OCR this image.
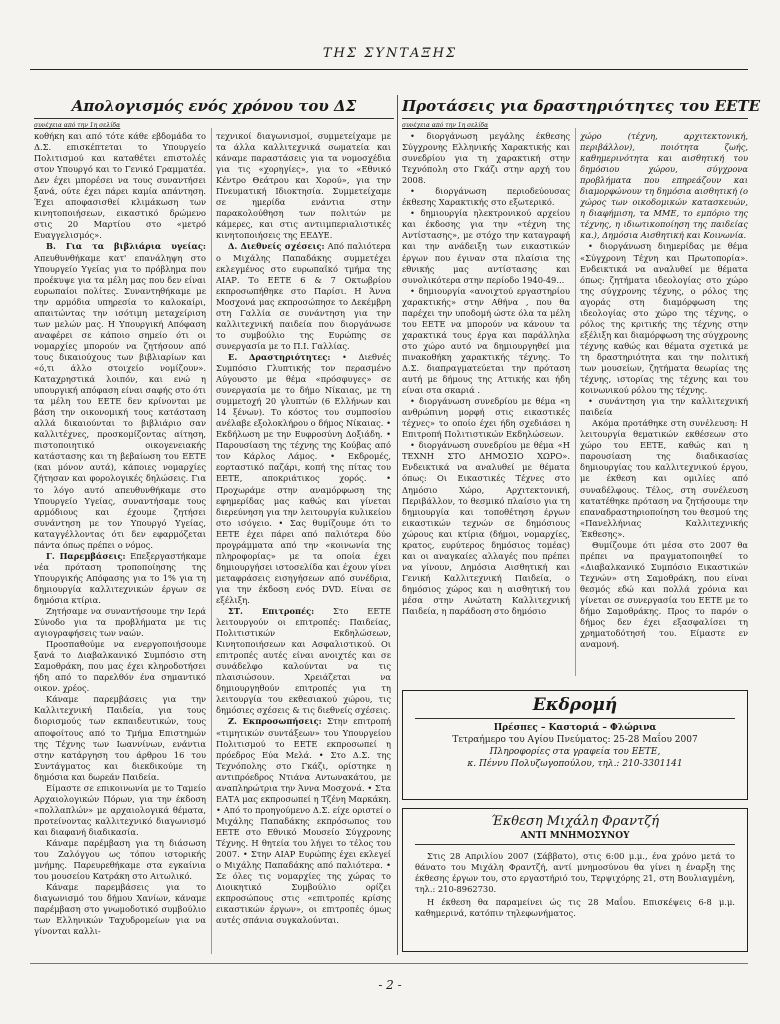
ΤΗΣ ΣΥΝΤΑΞΗΣ
Απολογισμός ενός χρόνου του ΔΣ
συνέχεια από την 1η σελίδα

κοθήκη και από τότε κάθε εβδομάδα το Δ.Σ. επισκέπτεται το Υπουργείο Πολιτισμού και καταθέτει επιστολές στον Υπουργό και το Γενικό Γραμματέα. Δεν έχει μπορέσει να τους συναντήσει ξανά, ούτε έχει πάρει καμία απάντηση. Έχει αποφασισθεί κλιμάκωση των κινητοποιήσεων, εικαστικό δρώμενο στις 20 Μαρτίου στο «μετρό Ευαγγελισμός».

Β. Για τα βιβλιάρια υγείας: Απευθυνθήκαμε κατ' επανάληψη στο Υπουργείο Υγείας για το πρόβλημα που προέκυψε για τα μέλη μας που δεν είναι ευρωπαίοι πολίτες. Συναντηθήκαμε με την αρμόδια υπηρεσία το καλοκαίρι, απαιτώντας την ισότιμη μεταχείριση των μελών μας. Η Υπουργική Απόφαση αναφέρει σε κάποιο σημείο ότι οι νομαρχίες μπορούν να ζητήσουν από τους δικαιούχους των βιβλιαρίων και «ό,τι άλλο στοιχείο νομίζουν». Καταχρηστικά λοιπόν, και ενώ η υπουργική απόφαση είναι σαφής στο ότι τα μέλη του ΕΕΤΕ δεν κρίνονται με βάση την οικονομική τους κατάσταση αλλά δικαιούνται το βιβλιάριο σαν καλλιτέχνες, προσκομίζοντας αίτηση, πιστοποιητικό οικογενειακής κατάστασης και τη βεβαίωση του ΕΕΤΕ (και μόνον αυτά), κάποιες νομαρχίες ζήτησαν και φορολογικές δηλώσεις. Για το λόγο αυτό απευθυνθήκαμε στο Υπουργείο Υγείας, συναντήσαμε τους αρμόδιους και έχουμε ζητήσει συνάντηση με τον Υπουργό Υγείας, καταγγέλλοντας ότι δεν εφαρμόζεται πάντα όπως πρέπει ο νόμος.

Γ. Παρεμβάσεις: Επεξεργαστήκαμε νέα πρόταση τροποποίησης της Υπουργικής Απόφασης για το 1% για τη δημιουργία καλλιτεχνικών έργων σε δημόσια κτίρια.

Ζητήσαμε να συναντήσουμε την Ιερά Σύνοδο για τα προβλήματα με τις αγιογραφήσεις των ναών.

Προσπαθούμε να ενεργοποιήσουμε ξανά το Διαβαλκανικό Συμπόσιο στη Σαμοθράκη, που μας έχει κληροδοτήσει ήδη από το παρελθόν ένα σημαντικό οικον. χρέος.

Κάναμε παρεμβάσεις για την Καλλιτεχνική Παιδεία, για τους διορισμούς των εκπαιδευτικών, τους αποφοίτους από το Τμήμα Επιστημών της Τέχνης των Ιωαννίνων, ενάντια στην κατάργηση του άρθρου 16 του Συντάγματος και διεκδικούμε τη δημόσια και δωρεάν Παιδεία.

Είμαστε σε επικοινωνία με το Ταμείο Αρχαιολογικών Πόρων, για την έκδοση «πολλαπλών» με αρχαιολογικά θέματα, προτείνοντας καλλιτεχνικό διαγωνισμό και διαφανή διαδικασία.

Κάναμε παρέμβαση για τη διάσωση του Ζαλόγγου ως τόπου ιστορικής μνήμης. Παρευρεθήκαμε στα εγκαίνια του μουσείου Κατράκη στο Αιτωλικό.

Κάναμε παρεμβάσεις για το διαγωνισμό του δήμου Χανίων, κάναμε παρέμβαση στο γνωμοδοτικό συμβούλιο των Ελληνικών Ταχυδρομείων για να γίνονται καλλι-

τεχνικοί διαγωνισμοί, συμμετείχαμε με τα άλλα καλλιτεχνικά σωματεία και κάναμε παραστάσεις για τα νομοσχέδια για τις «χορηγίες», για το «Εθνικό Κέντρο Θεάτρου και Χορού», για την Πνευματική Ιδιοκτησία. Συμμετείχαμε σε ημερίδα ενάντια στην παρακολούθηση των πολιτών με κάμερες, και στις αντιιμπεριαλιστικές κινητοποιήσεις της ΕΕΔΥΕ.

Δ. Διεθνείς σχέσεις: Από παλιότερα ο Μιχάλης Παπαδάκης συμμετέχει εκλεγμένος στο ευρωπαϊκό τμήμα της ΑΙΑΡ. Το ΕΕΤΕ 6 & 7 Οκτωβρίου εκπροσωπήθηκε στο Παρίσι. Η Άννα Μοσχονά μας εκπροσώπησε το Δεκέμβρη στη Γαλλία σε συνάντηση για την καλλιτεχνική παιδεία που διοργάνωσε το συμβούλιο της Ευρώπης σε συνεργασία με το Π.Ι. Γαλλίας.

Ε. Δραστηριότητες: • Διεθνές Συμπόσιο Γλυπτικής τον περασμένο Αύγουστο με θέμα «πρόσφυγες» σε συνεργασία με το δήμο Νίκαιας, με τη συμμετοχή 20 γλυπτών (6 Ελλήνων και 14 ξένων). Το κόστος του συμποσίου ανέλαβε εξολοκλήρου ο δήμος Νίκαιας. • Εκδήλωση με την Ευφροσύνη Δοξιάδη. • Παρουσίαση της τέχνης της Κούβας από τον Κάρλος Λάμος. • Εκδρομές, εορταστικό παζάρι, κοπή της πίτας του ΕΕΤΕ, αποκριάτικος χορός. • Προχωράμε στην αναμόρφωση της εφημερίδας μας καθώς και γίνεται διερεύνηση για την λειτουργία κυλικείου στο ισόγειο. • Σας θυμίζουμε ότι το ΕΕΤΕ έχει πάρει από παλιότερα δύο προγράμματα από την «κοινωνία της πληροφορίας» με τα οποία έχει δημιουργήσει ιστοσελίδα και έχουν γίνει μεταφράσεις εισηγήσεων από συνέδρια, για την έκδοση ενός DVD. Είναι σε εξέλιξη.

ΣΤ. Επιτροπές: Στο ΕΕΤΕ λειτουργούν οι επιτροπές: Παιδείας, Πολιτιστικών Εκδηλώσεων, Κινητοποιήσεων και Ασφαλιστικού. Οι επιτροπές αυτές είναι ανοιχτές και σε συνάδελφο καλούνται να τις πλαισιώσουν. Χρειάζεται να δημιουργηθούν επιτροπές για τη λειτουργία του εκθεσιακού χώρου, τις δημόσιες σχέσεις & τις διεθνείς σχέσεις.

Ζ. Εκπροσωπήσεις: Στην επιτροπή «τιμητικών συντάξεων» του Υπουργείου Πολιτισμού το ΕΕΤΕ εκπροσωπεί η πρόεδρος Εύα Μελά. • Στο Δ.Σ. της Τεχνόπολης στο Γκάζι, ορίστηκε η αντιπρόεδρος Ντιάνα Αντωνακάτου, με αναπληρώτρια την Άννα Μοσχονά. • Στα ΕΑΤΑ μας εκπροσωπεί η Τζένη Μαρκάκη. • Από το προηγούμενο Δ.Σ. είχε οριστεί ο Μιχάλης Παπαδάκης εκπρόσωπος του ΕΕΤΕ στο Εθνικό Μουσείο Σύγχρονης Τέχνης. Η θητεία του λήγει το τέλος του 2007. • Στην ΑΙΑΡ Ευρώπης έχει εκλεγεί ο Μιχάλης Παπαδάκης από παλιότερα. • Σε όλες τις νομαρχίες της χώρας το Διοικητικό Συμβούλιο ορίζει εκπροσώπους στις «επιτροπές κρίσης εικαστικών έργων», οι επιτροπές όμως αυτές σπάνια συγκαλούνται.

Προτάσεις για δραστηριότητες του ΕΕΤΕ
συνέχεια από την 1η σελίδα

• διοργάνωση μεγάλης έκθεσης Σύγχρονης Ελληνικής Χαρακτικής και συνεδρίου για τη χαρακτική στην Τεχνόπολη στο Γκάζι στην αρχή του 2008.

• διοργάνωση περιοδεύουσας έκθεσης Χαρακτικής στο εξωτερικό.

• δημιουργία ηλεκτρονικού αρχείου και έκδοσης για την «τέχνη της Αντίστασης», με στόχο την καταγραφή και την ανάδειξη των εικαστικών έργων που έγιναν στα πλαίσια της εθνικής μας αντίστασης και συνολικότερα στην περίοδο 1940-49...

• δημιουργία «ανοιχτού εργαστηρίου χαρακτικής» στην Αθήνα , που θα παρέχει την υποδομή ώστε όλα τα μέλη του ΕΕΤΕ να μπορούν να κάνουν τα χαρακτικά τους έργα και παράλληλα στο χώρο αυτό να δημιουργηθεί μια πινακοθήκη χαρακτικής τέχνης. Το Δ.Σ. διαπραγματεύεται την πρόταση αυτή με δήμους της Αττικής και ήδη είναι στα σκαριά .

• διοργάνωση συνεδρίου με θέμα «η ανθρώπινη μορφή στις εικαστικές τέχνες» το οποίο έχει ήδη σχεδιάσει η Επιτροπή Πολιτιστικών Εκδηλώσεων.

• διοργάνωση συνεδρίου με θέμα «Η ΤΕΧΝΗ ΣΤΟ ΔΗΜΟΣΙΟ ΧΩΡΟ». Ενδεικτικά να αναλυθεί με θέματα όπως: Οι Εικαστικές Τέχνες στο Δημόσιο Χώρο, Αρχιτεκτονική, Περιβάλλον, το θεσμικό πλαίσιο για τη δημιουργία και τοποθέτηση έργων εικαστικών τεχνών σε δημόσιους χώρους και κτίρια (δήμοι, νομαρχίες, κρατος, ευρύτερος δημόσιος τομέας) και οι αναγκαίες αλλαγές που πρέπει να γίνουν, Δημόσια Αισθητική και Γενική Καλλιτεχνική Παιδεία, ο δημόσιος χώρος και η αισθητική του μέσα στην Ανώτατη Καλλιτεχνική Παιδεία, η παράδοση στο δημόσιο

χώρο (τέχνη, αρχιτεκτονική, περιβάλλον), ποιότητα ζωής, καθημερινότητα και αισθητική του δημόσιου χώρου, σύγχρονα προβλήματα που επηρεάζουν και διαμορφώνουν τη δημόσια αισθητική (ο χώρος των οικοδομικών κατασκευών, η διαφήμιση, τα ΜΜΕ, το εμπόριο της τέχνης, η ιδιωτικοποίηση της παιδείας κα.), Δημόσια Αισθητική και Κοινωνία.

• διοργάνωση διημερίδας με θέμα «Σύγχρονη Τέχνη και Πρωτοπορία». Ενδεικτικά να αναλυθεί με θέματα όπως: ζητήματα ιδεολογίας στο χώρο της σύγχρονης τέχνης, ο ρόλος της αγοράς στη διαμόρφωση της ιδεολογίας στο χώρο της τέχνης, ο ρόλος της κριτικής της τέχνης στην εξέλιξη και διαμόρφωση της σύγχρονης τέχνης καθώς και θέματα σχετικά με τη δραστηριότητα και την πολιτική των μουσείων, ζητήματα θεωρίας της τέχνης, ιστορίας της τέχνης και του κοινωνικού ρόλου της τέχνης.

• συνάντηση για την καλλιτεχνική παιδεία

Ακόμα προτάθηκε στη συνέλευση: Η λειτουργία θεματικών εκθέσεων στο χώρο του ΕΕΤΕ, καθώς και η παρουσίαση της διαδικασίας δημιουργίας του καλλιτεχνικού έργου, με έκθεση και ομιλίες από συναδέλφους. Τέλος, στη συνέλευση κατατέθηκε πρόταση να ζητήσουμε την επαναδραστηριοποίηση του θεσμού της «Πανελλήνιας Καλλιτεχνικής Έκθεσης».

Θυμίζουμε ότι μέσα στο 2007 θα πρέπει να πραγματοποιηθεί το «Διαβαλκανικό Συμπόσιο Εικαστικών Τεχνών» στη Σαμοθράκη, που είναι θεσμός εδώ και πολλά χρόνια και γίνεται σε συνεργασία του ΕΕΤΕ με το δήμο Σαμοθράκης. Προς το παρόν ο δήμος δεν έχει εξασφαλίσει τη χρηματοδότησή του. Είμαστε εν αναμονή.

Εκδρομή
Πρέσπες – Καστοριά – Φλώρινα
Τετραήμερο του Αγίου Πνεύματος: 25-28 Μαΐου 2007
Πληροφορίες στα γραφεία του ΕΕΤΕ,
κ. Πέννυ Πολυζωγοπούλου, τηλ.: 210-3301141
Έκθεση Μιχάλη Φραντζή
ΑΝΤΙ ΜΝΗΜΟΣΥΝΟΥ
Στις 28 Απριλίου 2007 (Σάββατο), στις 6:00 μ.μ., ένα χρόνο μετά το θάνατο του Μιχάλη Φραντζή, αντί μνημοσύνου θα γίνει η έναρξη της έκθεσης έργων του, στο εργαστήριό του, Τερψιχόρης 21, στη Βουλιαγμένη, τηλ.: 210-8962730.
Η έκθεση θα παραμείνει ώς τις 28 Μαΐου. Επισκέψεις 6-8 μ.μ. καθημερινά, κατόπιν τηλεφωνήματος.
- 2 -
